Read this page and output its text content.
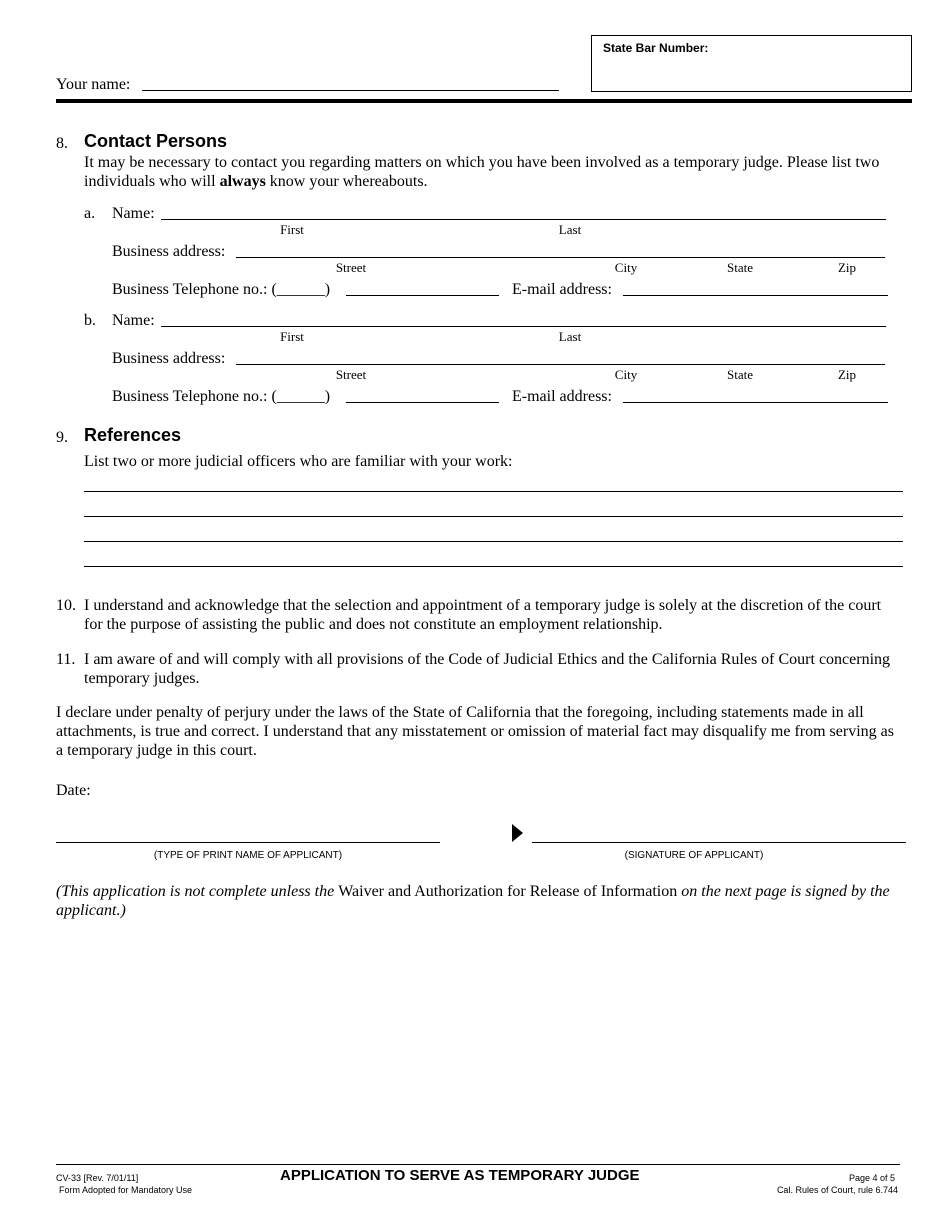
Your name:
State Bar Number:
8. Contact Persons
It may be necessary to contact you regarding matters on which you have been involved as a temporary judge. Please list two individuals who will always know your whereabouts.
a. Name:
First	Last
Business address:
Street	City	State	Zip
Business Telephone no.: (______)	E-mail address:
b. Name:
First	Last
Business address:
Street	City	State	Zip
Business Telephone no.: (______)	E-mail address:
9. References
List two or more judicial officers who are familiar with your work:
10. I understand and acknowledge that the selection and appointment of a temporary judge is solely at the discretion of the court for the purpose of assisting the public and does not constitute an employment relationship.
11. I am aware of and will comply with all provisions of the Code of Judicial Ethics and the California Rules of Court concerning temporary judges.
I declare under penalty of perjury under the laws of the State of California that the foregoing, including statements made in all attachments, is true and correct. I understand that any misstatement or omission of material fact may disqualify me from serving as a temporary judge in this court.
Date:
(TYPE OF PRINT NAME OF APPLICANT)	(SIGNATURE OF APPLICANT)
(This application is not complete unless the Waiver and Authorization for Release of Information on the next page is signed by the applicant.)
CV-33 [Rev. 7/01/11]
Form Adopted for Mandatory Use
APPLICATION TO SERVE AS TEMPORARY JUDGE	Page 4 of 5
Cal. Rules of Court, rule 6.744
